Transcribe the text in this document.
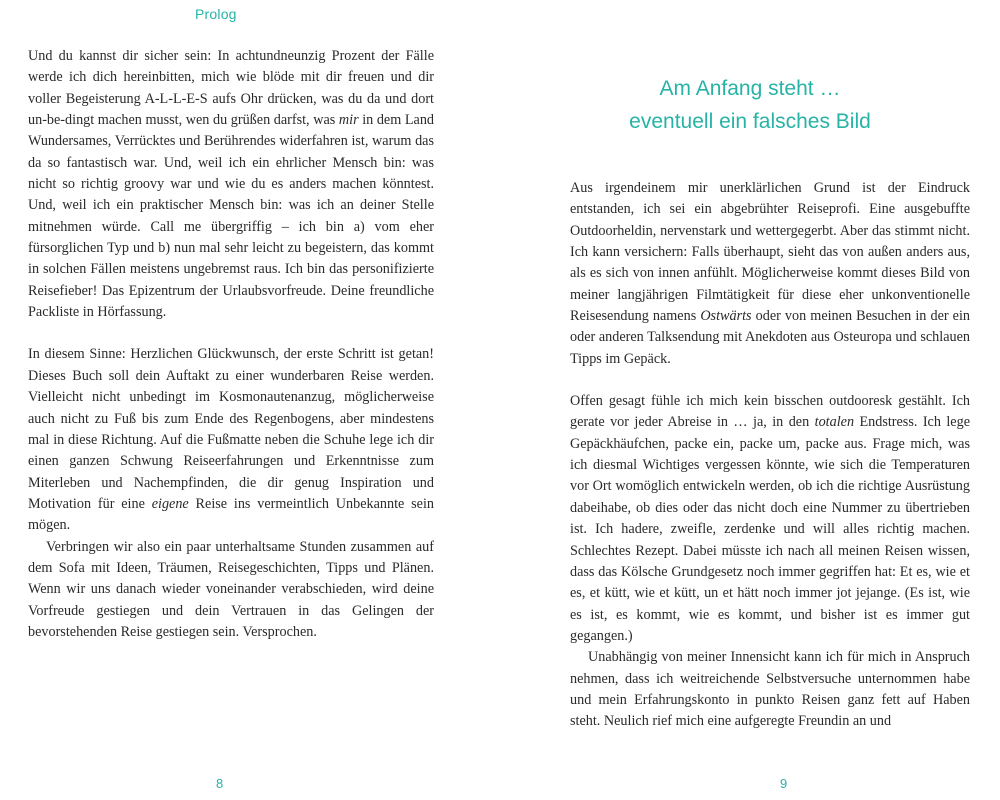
Prolog

Und du kannst dir sicher sein: In achtundneunzig Prozent der Fälle werde ich dich hereinbitten, mich wie blöde mit dir freuen und dir voller Begeisterung A-L-L-E-S aufs Ohr drücken, was du da und dort un-be-dingt machen musst, wen du grüßen darfst, was mir in dem Land Wundersames, Verrücktes und Berührendes widerfahren ist, warum das da so fantastisch war. Und, weil ich ein ehrlicher Mensch bin: was nicht so richtig groovy war und wie du es anders machen könntest. Und, weil ich ein praktischer Mensch bin: was ich an deiner Stelle mitnehmen würde. Call me übergriffig – ich bin a) vom eher fürsorglichen Typ und b) nun mal sehr leicht zu begeistern, das kommt in solchen Fällen meistens ungebremst raus. Ich bin das personifizierte Reisefieber! Das Epizentrum der Urlaubsvorfreude. Deine freundliche Packliste in Hörfassung.

In diesem Sinne: Herzlichen Glückwunsch, der erste Schritt ist getan! Dieses Buch soll dein Auftakt zu einer wunderbaren Reise werden. Vielleicht nicht unbedingt im Kosmonautenanzug, möglicherweise auch nicht zu Fuß bis zum Ende des Regenbogens, aber mindestens mal in diese Richtung. Auf die Fußmatte neben die Schuhe lege ich dir einen ganzen Schwung Reiseerfahrungen und Erkenntnisse zum Miterleben und Nachempfinden, die dir genug Inspiration und Motivation für eine eigene Reise ins vermeintlich Unbekannte sein mögen.

Verbringen wir also ein paar unterhaltsame Stunden zusammen auf dem Sofa mit Ideen, Träumen, Reisegeschichten, Tipps und Plänen. Wenn wir uns danach wieder voneinander verabschieden, wird deine Vorfreude gestiegen und dein Vertrauen in das Gelingen der bevorstehenden Reise gestiegen sein. Versprochen.

8	9
Am Anfang steht …
eventuell ein falsches Bild

Aus irgendeinem mir unerklärlichen Grund ist der Eindruck entstanden, ich sei ein abgebrühter Reiseprofi. Eine ausgebuffte Outdoorheldin, nervenstark und wettergegerbt. Aber das stimmt nicht. Ich kann versichern: Falls überhaupt, sieht das von außen anders aus, als es sich von innen anfühlt. Möglicherweise kommt dieses Bild von meiner langjährigen Filmtätigkeit für diese eher unkonventionelle Reisesendung namens Ostwärts oder von meinen Besuchen in der ein oder anderen Talksendung mit Anekdoten aus Osteuropa und schlauen Tipps im Gepäck.

Offen gesagt fühle ich mich kein bisschen outdooresk gestählt. Ich gerate vor jeder Abreise in … ja, in den totalen Endstress. Ich lege Gepäckhäufchen, packe ein, packe um, packe aus. Frage mich, was ich diesmal Wichtiges vergessen könnte, wie sich die Temperaturen vor Ort womöglich entwickeln werden, ob ich die richtige Ausrüstung dabeihabe, ob dies oder das nicht doch eine Nummer zu übertrieben ist. Ich hadere, zweifle, zerdenke und will alles richtig machen. Schlechtes Rezept. Dabei müsste ich nach all meinen Reisen wissen, dass das Kölsche Grundgesetz noch immer gegriffen hat: Et es, wie et es, et kütt, wie et kütt, un et hätt noch immer jot jejange. (Es ist, wie es ist, es kommt, wie es kommt, und bisher ist es immer gut gegangen.)

Unabhängig von meiner Innensicht kann ich für mich in Anspruch nehmen, dass ich weitreichende Selbstversuche unternommen habe und mein Erfahrungskonto in punkto Reisen ganz fett auf Haben steht. Neulich rief mich eine aufgeregte Freundin an und
